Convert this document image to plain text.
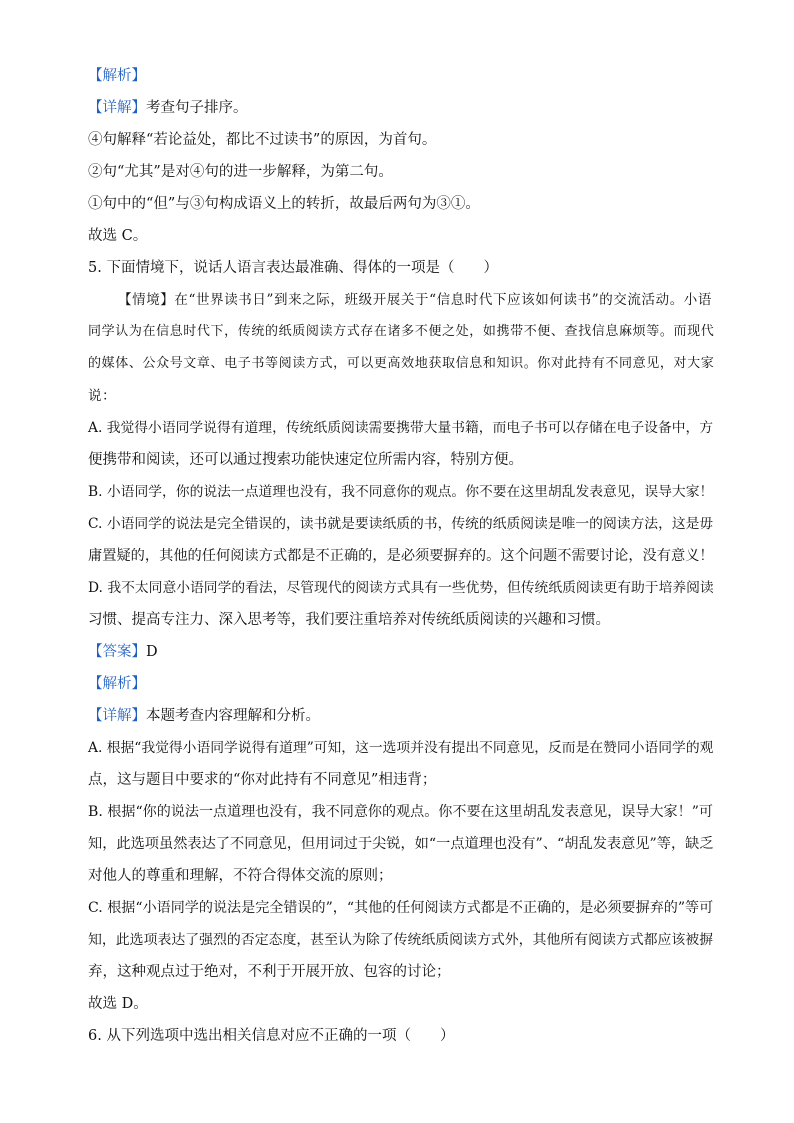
【解析】
【详解】考查句子排序。
④句解释“若论益处，都比不过读书”的原因，为首句。
②句“尤其”是对④句的进一步解释，为第二句。
①句中的“但”与③句构成语义上的转折，故最后两句为③①。
故选 C。
5. 下面情境下，说话人语言表达最准确、得体的一项是（　　）
【情境】在“世界读书日”到来之际，班级开展关于“信息时代下应该如何读书”的交流活动。小语
同学认为在信息时代下，传统的纸质阅读方式存在诸多不便之处，如携带不便、查找信息麻烦等。而现代
的媒体、公众号文章、电子书等阅读方式，可以更高效地获取信息和知识。你对此持有不同意见，对大家
说：
A. 我觉得小语同学说得有道理，传统纸质阅读需要携带大量书籍，而电子书可以存储在电子设备中，方
便携带和阅读，还可以通过搜索功能快速定位所需内容，特别方便。
B. 小语同学，你的说法一点道理也没有，我不同意你的观点。你不要在这里胡乱发表意见，误导大家！
C. 小语同学的说法是完全错误的，读书就是要读纸质的书，传统的纸质阅读是唯一的阅读方法，这是毋
庸置疑的，其他的任何阅读方式都是不正确的，是必须要摒弃的。这个问题不需要讨论，没有意义！
D. 我不太同意小语同学的看法，尽管现代的阅读方式具有一些优势，但传统纸质阅读更有助于培养阅读
习惯、提高专注力、深入思考等，我们要注重培养对传统纸质阅读的兴趣和习惯。
【答案】D
【解析】
【详解】本题考查内容理解和分析。
A. 根据“我觉得小语同学说得有道理”可知，这一选项并没有提出不同意见，反而是在赞同小语同学的观
点，这与题目中要求的“你对此持有不同意见”相违背；
B. 根据“你的说法一点道理也没有，我不同意你的观点。你不要在这里胡乱发表意见，误导大家！”可
知，此选项虽然表达了不同意见，但用词过于尖锐，如“一点道理也没有”、“胡乱发表意见”等，缺乏
对他人的尊重和理解，不符合得体交流的原则；
C. 根据“小语同学的说法是完全错误的”，“其他的任何阅读方式都是不正确的，是必须要摒弃的”等可
知，此选项表达了强烈的否定态度，甚至认为除了传统纸质阅读方式外，其他所有阅读方式都应该被摒
弃，这种观点过于绝对，不利于开展开放、包容的讨论；
故选 D。
6. 从下列选项中选出相关信息对应不正确的一项（　　）
